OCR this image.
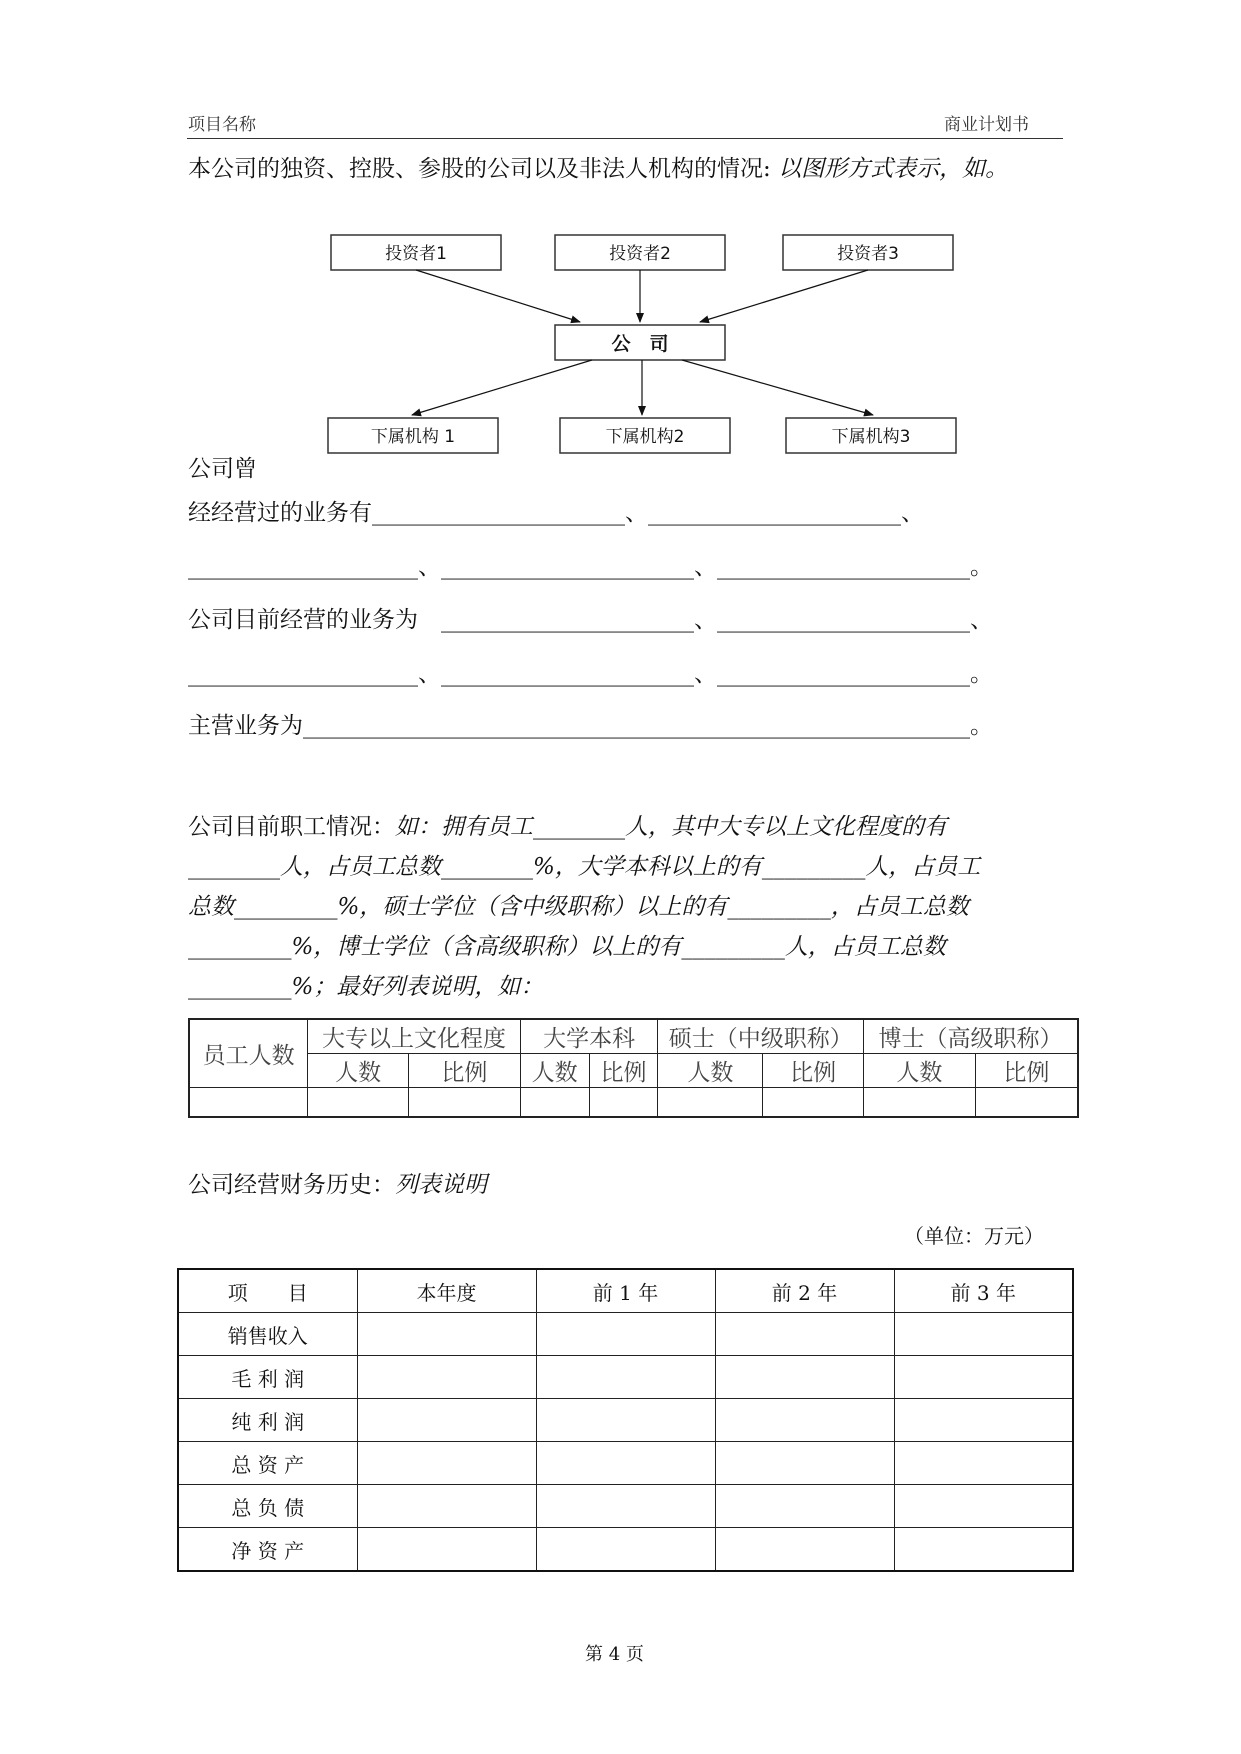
项目名称	商业计划书
本公司的独资、控股、参股的公司以及非法人机构的情况: 以图形方式表示，如。
投资者1	投资者2	投资者3
公　司
下属机构 1	下属机构2	下属机构3
公司曾
经经营过的业务有______________________、______________________、
____________________、______________________、______________________。
公司目前经营的业务为　______________________、______________________、
____________________、______________________、______________________。
主营业务为__________________________________________________________。
公司目前职工情况：如：拥有员工________人，其中大专以上文化程度的有
________人，占员工总数________%，大学本科以上的有_________人，占员工
总数_________%，硕士学位（含中级职称）以上的有_________，占员工总数
_________%，博士学位（含高级职称）以上的有_________人，占员工总数
_________%；最好列表说明，如：
员工人数	大专以上文化程度		大学本科		硕士（中级职称）		博士（高级职称）	
	人数	比例	人数	比例	人数	比例	人数	比例

公司经营财务历史：列表说明
（单位：万元）
项　　目	本年度	前 1 年	前 2 年	前 3 年
销售收入				
毛 利 润				
纯 利 润				
总 资 产				
总 负 债				
净 资 产				
第 4 页
